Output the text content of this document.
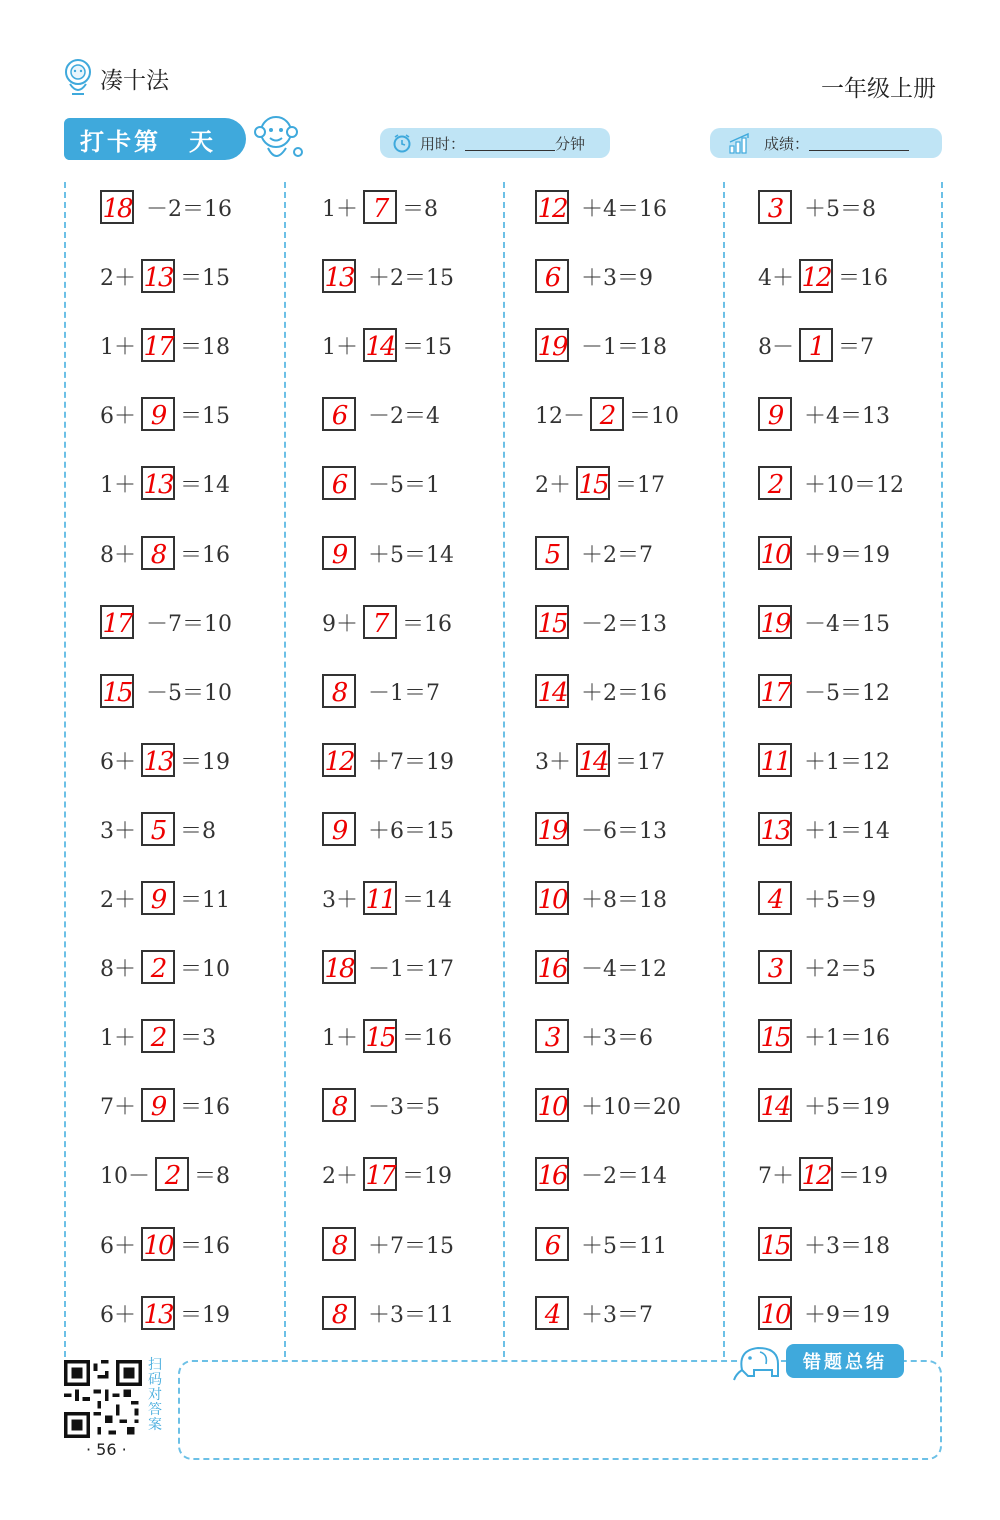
凑十法	一年级上册
打卡第 天	用时：	分钟	成绩：
18 －2＝16
2＋ 13 ＝15
1＋ 17 ＝18
6＋ 9 ＝15
1＋ 13 ＝14
8＋ 8 ＝16
17 －7＝10
15 －5＝10
6＋ 13 ＝19
3＋ 5 ＝8
2＋ 9 ＝11
8＋ 2 ＝10
1＋ 2 ＝3
7＋ 9 ＝16
10－ 2 ＝8
6＋ 10 ＝16
6＋ 13 ＝19
1＋ 7 ＝8
13 ＋2＝15
1＋ 14 ＝15
6 －2＝4
6 －5＝1
9 ＋5＝14
9＋ 7 ＝16
8 －1＝7
12 ＋7＝19
9 ＋6＝15
3＋ 11 ＝14
18 －1＝17
1＋ 15 ＝16
8 －3＝5
2＋ 17 ＝19
8 ＋7＝15
8 ＋3＝11
12 ＋4＝16
6 ＋3＝9
19 －1＝18
12－ 2 ＝10
2＋ 15 ＝17
5 ＋2＝7
15 －2＝13
14 ＋2＝16
3＋ 14 ＝17
19 －6＝13
10 ＋8＝18
16 －4＝12
3 ＋3＝6
10 ＋10＝20
16 －2＝14
6 ＋5＝11
4 ＋3＝7
3 ＋5＝8
4＋ 12 ＝16
8－ 1 ＝7
9 ＋4＝13
2 ＋10＝12
10 ＋9＝19
19 －4＝15
17 －5＝12
11 ＋1＝12
13 ＋1＝14
4 ＋5＝9
3 ＋2＝5
15 ＋1＝16
14 ＋5＝19
7＋ 12 ＝19
15 ＋3＝18
10 ＋9＝19
错题总结
扫码对答案
· 56 ·
